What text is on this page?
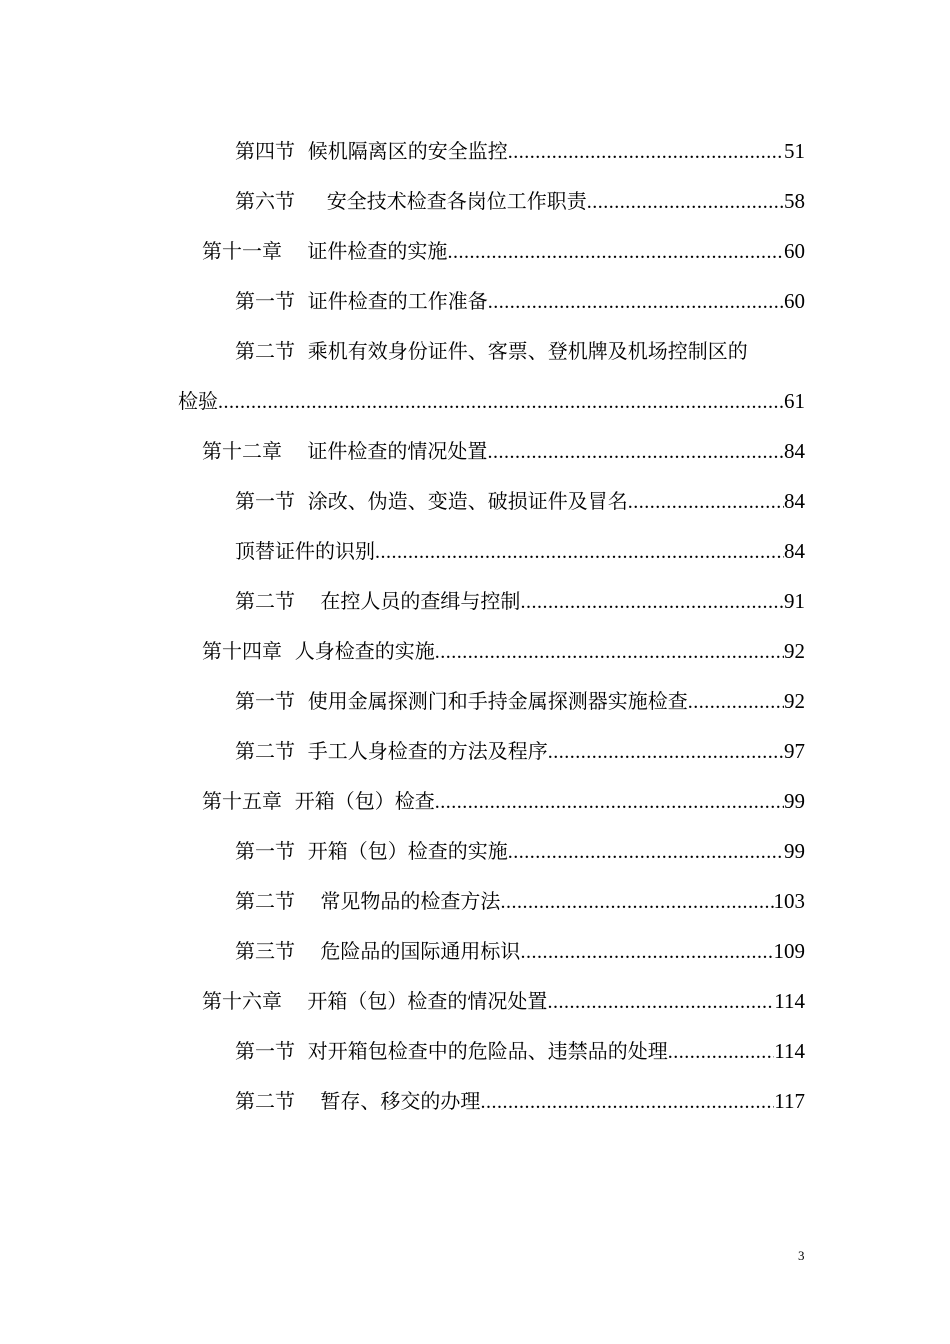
第四节  候机隔离区的安全监控 .....	51
第六节     安全技术检查各岗位工作职责 .....	58
第十一章    证件检查的实施 .....	60
第一节  证件检查的工作准备 .....	60
第二节  乘机有效身份证件、客票、登机牌及机场控制区的
检验 .....	61
第十二章    证件检查的情况处置 .....	84
第一节  涂改、伪造、变造、破损证件及冒名 .....	84
顶替证件的识别 .....	84
第二节    在控人员的查缉与控制 .....	91
第十四章  人身检查的实施 .....	92
第一节  使用金属探测门和手持金属探测器实施检查 .....	92
第二节  手工人身检查的方法及程序 .....	97
第十五章  开箱（包）检查 .....	99
第一节  开箱（包）检查的实施 .....	99
第二节    常见物品的检查方法 .....	103
第三节    危险品的国际通用标识 .....	109
第十六章    开箱（包）检查的情况处置 .....	114
第一节  对开箱包检查中的危险品、违禁品的处理 .....	114
第二节    暂存、移交的办理 .....	117
3
